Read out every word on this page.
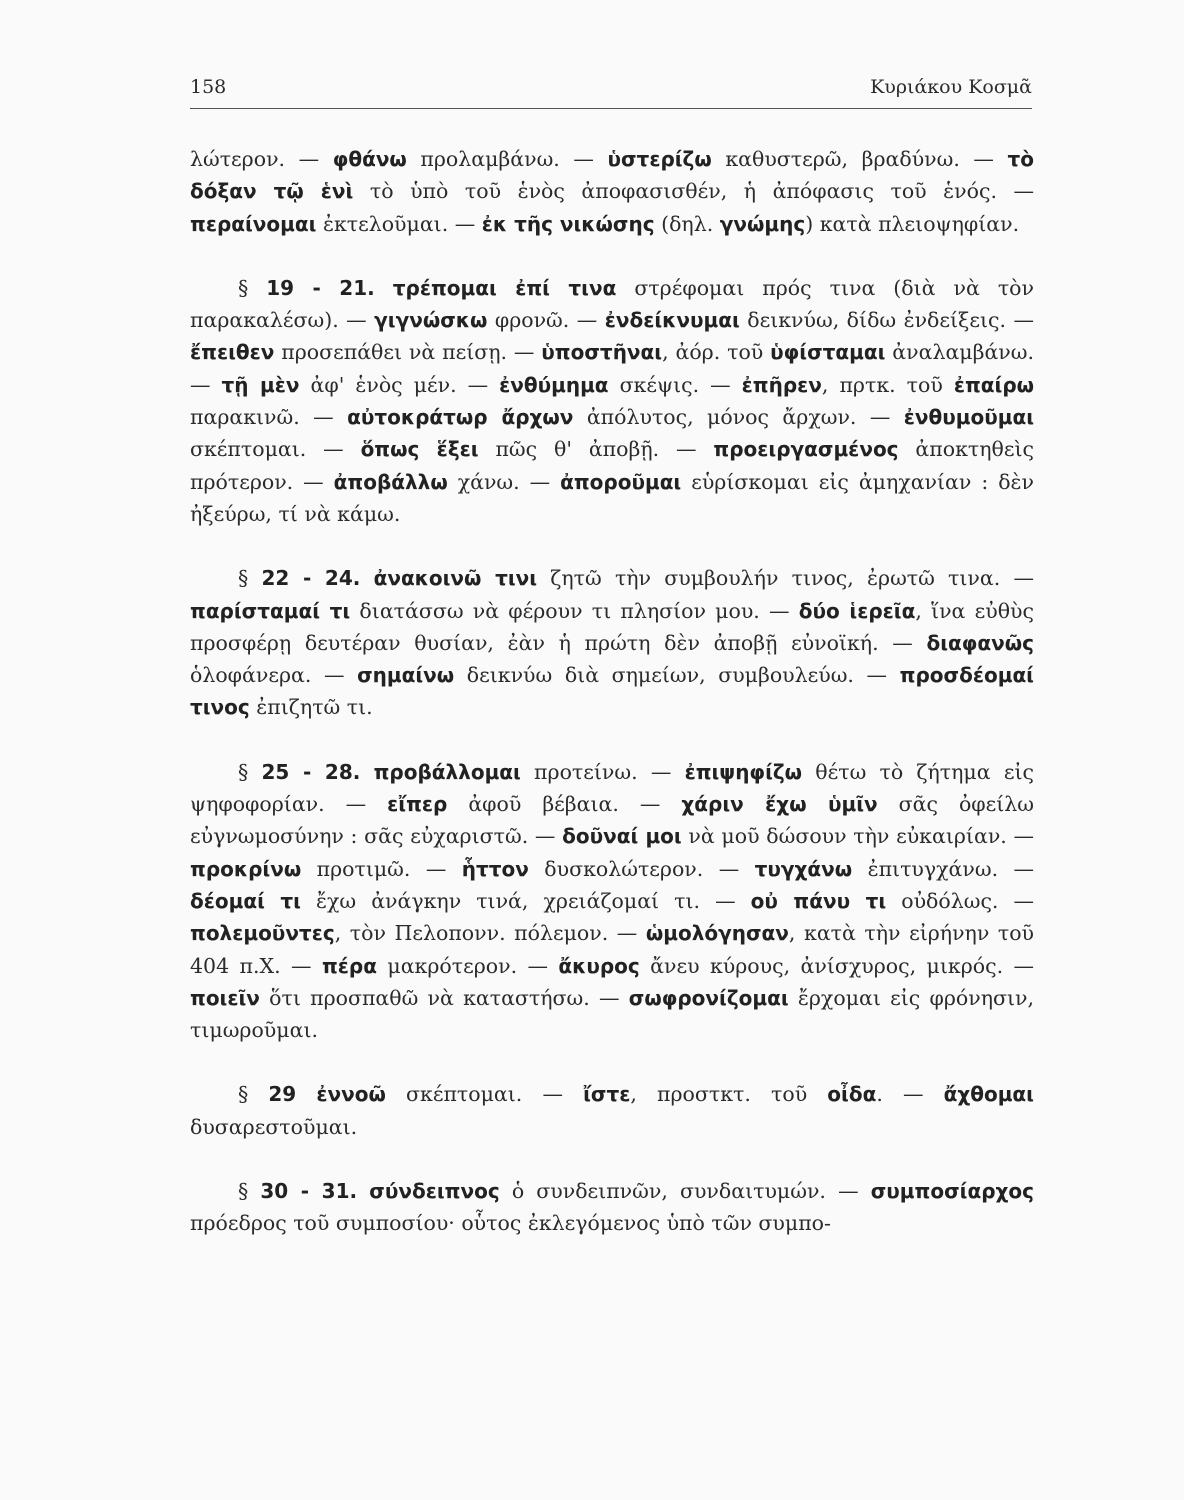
158	Κυριάκου Κοσμᾶ

λώτερον. — φθάνω προλαμβάνω. — ὑστερίζω καθυστερῶ, βραδύνω. — τὸ δόξαν τῷ ἑνὶ τὸ ὑπὸ τοῦ ἑνὸς ἀποφασισθέν, ἡ ἀπόφασις τοῦ ἑνός. — περαίνομαι ἐκτελοῦμαι. — ἐκ τῆς νικώσης (δηλ. γνώμης) κατὰ πλειοψηφίαν.

§ 19 - 21. τρέπομαι ἐπί τινα στρέφομαι πρός τινα (διὰ νὰ τὸν παρακαλέσω). — γιγνώσκω φρονῶ. — ἐνδείκνυμαι δεικνύω, δίδω ἐνδείξεις. — ἔπειθεν προσεπάθει νὰ πείσῃ. — ὑποστῆναι, ἀόρ. τοῦ ὑφίσταμαι ἀναλαμβάνω. — τῇ μὲν ἀφ' ἑνὸς μέν. — ἐνθύμημα σκέψις. — ἐπῆρεν, πρτκ. τοῦ ἐπαίρω παρακινῶ. — αὐτοκράτωρ ἄρχων ἀπόλυτος, μόνος ἄρχων. — ἐνθυμοῦμαι σκέπτομαι. — ὅπως ἕξει πῶς θ' ἀποβῇ. — προειργασμένος ἀποκτηθεὶς πρότερον. — ἀποβάλλω χάνω. — ἀποροῦμαι εὑρίσκομαι εἰς ἀμηχανίαν : δὲν ἠξεύρω, τί νὰ κάμω.

§ 22 - 24. ἀνακοινῶ τινι ζητῶ τὴν συμβουλήν τινος, ἐρωτῶ τινα. — παρίσταμαί τι διατάσσω νὰ φέρουν τι πλησίον μου. — δύο ἱερεῖα, ἵνα εὐθὺς προσφέρῃ δευτέραν θυσίαν, ἐὰν ἡ πρώτη δὲν ἀποβῇ εὐνοϊκή. — διαφανῶς ὁλοφάνερα. — σημαίνω δεικνύω διὰ σημείων, συμβουλεύω. — προσδέομαί τινος ἐπιζητῶ τι.

§ 25 - 28. προβάλλομαι προτείνω. — ἐπιψηφίζω θέτω τὸ ζήτημα εἰς ψηφοφορίαν. — εἴπερ ἀφοῦ βέβαια. — χάριν ἔχω ὑμῖν σᾶς ὀφείλω εὐγνωμοσύνην : σᾶς εὐχαριστῶ. — δοῦναί μοι νὰ μοῦ δώσουν τὴν εὐκαιρίαν. — προκρίνω προτιμῶ. — ἧττον δυσκολώτερον. — τυγχάνω ἐπιτυγχάνω. — δέομαί τι ἔχω ἀνάγκην τινά, χρειάζομαί τι. — οὐ πάνυ τι οὐδόλως. — πολεμοῦντες, τὸν Πελοπονν. πόλεμον. — ὡμολόγησαν, κατὰ τὴν εἰρήνην τοῦ 404 π.Χ. — πέρα μακρότερον. — ἄκυρος ἄνευ κύρους, ἀνίσχυρος, μικρός. — ποιεῖν ὅτι προσπαθῶ νὰ καταστήσω. — σωφρονίζομαι ἔρχομαι εἰς φρόνησιν, τιμωροῦμαι.

§ 29 ἐννοῶ σκέπτομαι. — ἴστε, προστκτ. τοῦ οἶδα. — ἄχθομαι δυσαρεστοῦμαι.

§ 30 - 31. σύνδειπνος ὁ συνδειπνῶν, συνδαιτυμών. — συμποσίαρχος πρόεδρος τοῦ συμποσίου· οὗτος ἐκλεγόμενος ὑπὸ τῶν συμπο-
